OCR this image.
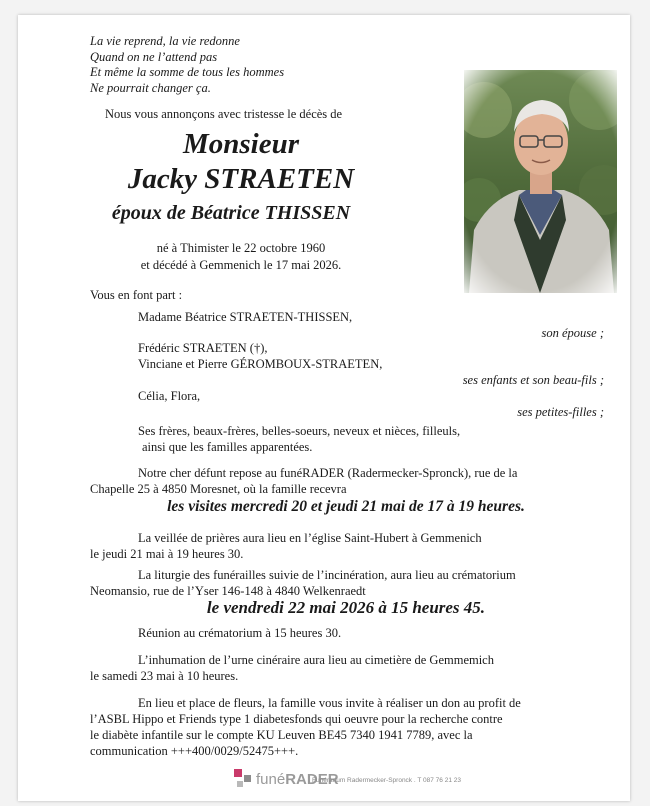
La vie reprend, la vie redonne
Quand on ne l’attend pas
Et même la somme de tous les hommes
Ne pourrait changer ça.
Nous vous annonçons avec tristesse le décès de
Monsieur
Jacky STRAETEN
époux de Béatrice THISSEN
né à Thimister le 22 octobre 1960
et décédé à Gemmenich le 17 mai 2026.
Vous en font part :
Madame Béatrice STRAETEN-THISSEN,
son épouse ;
Frédéric STRAETEN (†),
Vinciane et Pierre GÉROMBOUX-STRAETEN,
ses enfants et son beau-fils ;
Célia, Flora,
ses petites-filles ;
Ses frères, beaux-frères, belles-soeurs, neveux et nièces, filleuls,
ainsi que les familles apparentées.
Notre cher défunt repose au funéRADER (Radermecker-Spronck), rue de la
Chapelle 25 à 4850 Moresnet, où la famille recevra
les visites mercredi 20 et jeudi 21 mai de 17 à 19 heures.
La veillée de prières aura lieu en l’église Saint-Hubert à Gemmenich
le jeudi 21 mai à 19 heures 30.
La liturgie des funérailles suivie de l’incinération, aura lieu au crématorium
Neomansio, rue de l’Yser 146-148 à 4840 Welkenraedt
le vendredi 22 mai 2026 à 15 heures 45.
Réunion au crématorium à 15 heures 30.
L’inhumation de l’urne cinéraire aura lieu au cimetière de Gemmemich
le samedi 23 mai à 10 heures.
En lieu et place de fleurs, la famille vous invite à réaliser un don au profit de
l’ASBL Hippo et Friends type 1 diabetesfonds qui oeuvre pour la recherche contre
le diabète infantile sur le compte KU Leuven BE45 7340 1941 7789, avec la
communication +++400/0029/52475+++.
funéRADER
Funérarium Radermecker-Spronck . T 087 76 21 23
